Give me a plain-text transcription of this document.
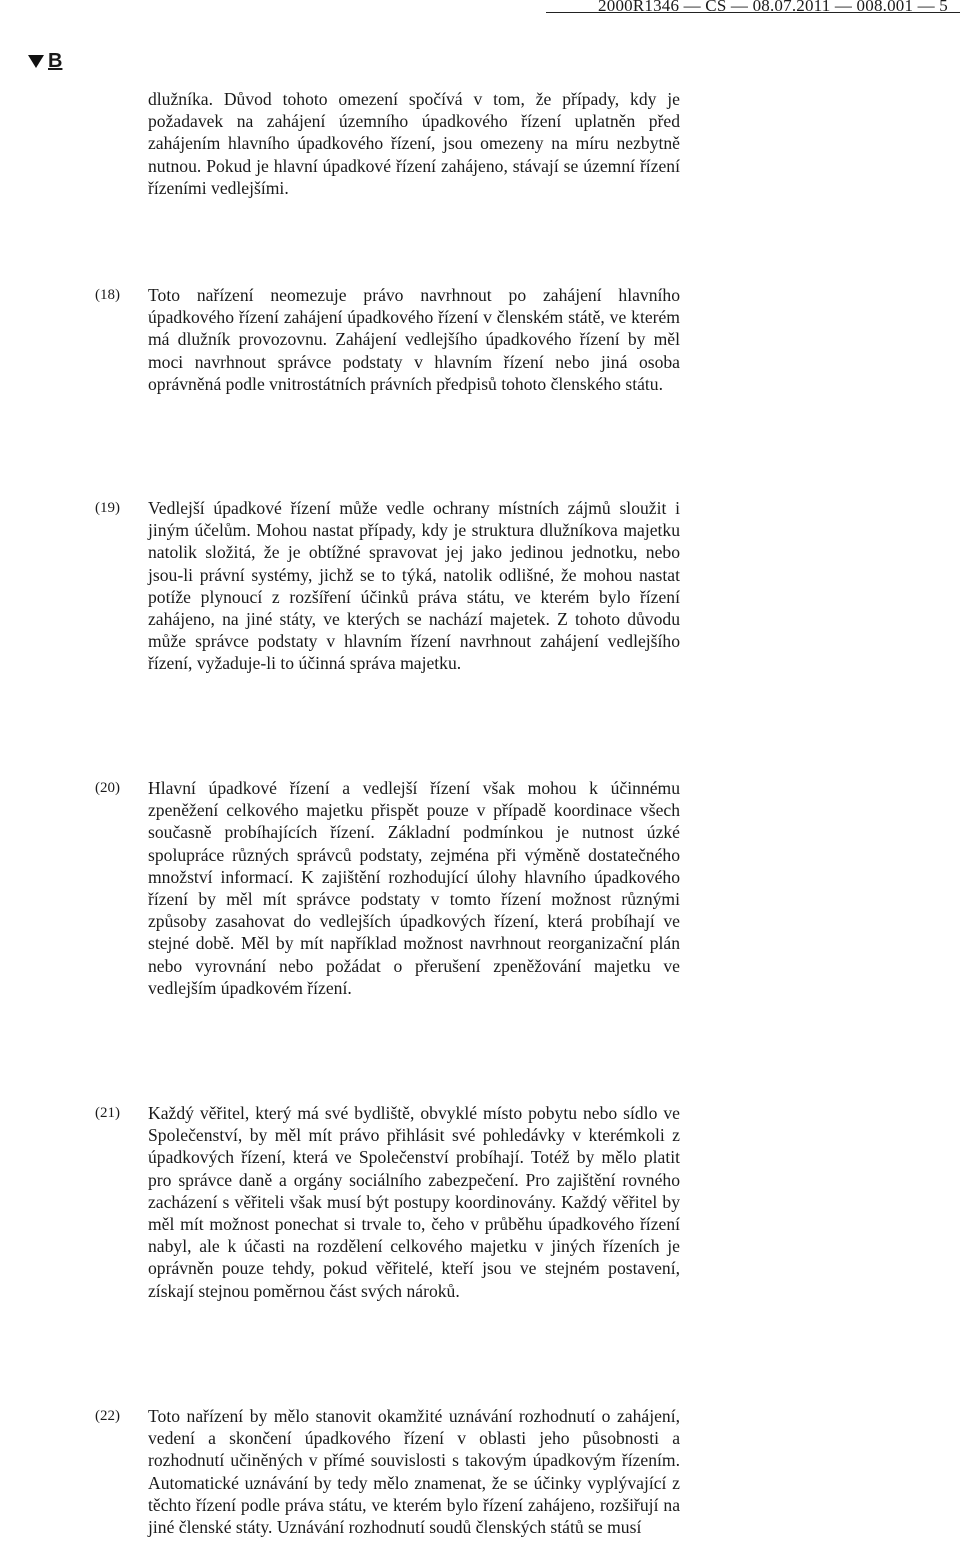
2000R1346 — CS — 08.07.2011 — 008.001 — 5
B

dlužníka. Důvod tohoto omezení spočívá v tom, že případy, kdy je požadavek na zahájení územního úpadkového řízení uplatněn před zahájením hlavního úpadkového řízení, jsou omezeny na míru nezbytně nutnou. Pokud je hlavní úpadkové řízení zahájeno, stávají se územní řízení řízeními vedlejšími.

(18) Toto nařízení neomezuje právo navrhnout po zahájení hlavního úpadkového řízení zahájení úpadkového řízení v členském státě, ve kterém má dlužník provozovnu. Zahájení vedlejšího úpadkového řízení by měl moci navrhnout správce podstaty v hlavním řízení nebo jiná osoba oprávněná podle vnitrostátních právních předpisů tohoto členského státu.

(19) Vedlejší úpadkové řízení může vedle ochrany místních zájmů sloužit i jiným účelům. Mohou nastat případy, kdy je struktura dlužníkova majetku natolik složitá, že je obtížné spravovat jej jako jedinou jednotku, nebo jsou-li právní systémy, jichž se to týká, natolik odlišné, že mohou nastat potíže plynoucí z rozšíření účinků práva státu, ve kterém bylo řízení zahájeno, na jiné státy, ve kterých se nachází majetek. Z tohoto důvodu může správce podstaty v hlavním řízení navrhnout zahájení vedlejšího řízení, vyžaduje-li to účinná správa majetku.

(20) Hlavní úpadkové řízení a vedlejší řízení však mohou k účinnému zpeněžení celkového majetku přispět pouze v případě koordinace všech současně probíhajících řízení. Základní podmínkou je nutnost úzké spolupráce různých správců podstaty, zejména při výměně dostatečného množství informací. K zajištění rozhodující úlohy hlavního úpadkového řízení by měl mít správce podstaty v tomto řízení možnost různými způsoby zasahovat do vedlejších úpadkových řízení, která probíhají ve stejné době. Měl by mít například možnost navrhnout reorganizační plán nebo vyrovnání nebo požádat o přerušení zpeněžování majetku ve vedlejším úpadkovém řízení.

(21) Každý věřitel, který má své bydliště, obvyklé místo pobytu nebo sídlo ve Společenství, by měl mít právo přihlásit své pohledávky v kterémkoli z úpadkových řízení, která ve Společenství probíhají. Totéž by mělo platit pro správce daně a orgány sociálního zabezpečení. Pro zajištění rovného zacházení s věřiteli však musí být postupy koordinovány. Každý věřitel by měl mít možnost ponechat si trvale to, čeho v průběhu úpadkového řízení nabyl, ale k účasti na rozdělení celkového majetku v jiných řízeních je oprávněn pouze tehdy, pokud věřitelé, kteří jsou ve stejném postavení, získají stejnou poměrnou část svých nároků.

(22) Toto nařízení by mělo stanovit okamžité uznávání rozhodnutí o zahájení, vedení a skončení úpadkového řízení v oblasti jeho působnosti a rozhodnutí učiněných v přímé souvislosti s takovým úpadkovým řízením. Automatické uznávání by tedy mělo znamenat, že se účinky vyplývající z těchto řízení podle práva státu, ve kterém bylo řízení zahájeno, rozšiřují na jiné členské státy. Uznávání rozhodnutí soudů členských států se musí
